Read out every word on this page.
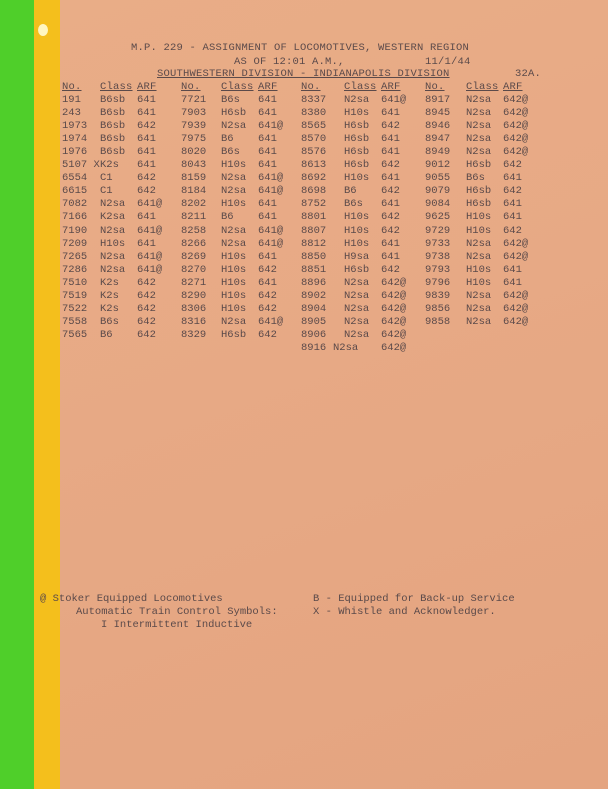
M.P. 229 - ASSIGNMENT OF LOCOMOTIVES, WESTERN REGION
AS OF 12:01 A.M.,	11/1/44
SOUTHWESTERN DIVISION - INDIANAPOLIS DIVISION	32A.
No. Class ARF No. Class ARF No. Class ARF No. Class ARF
191 B6sb 641 7721 B6s 641 8337 N2sa 641@ 8917 N2sa 642@
243 B6sb 641 7903 H6sb 641 8380 H10s 641 8945 N2sa 642@
1973 B6sb 642 7939 N2sa 641@ 8565 H6sb 642 8946 N2sa 642@
1974 B6sb 641 7975 B6 641 8570 H6sb 641 8947 N2sa 642@
1976 B6sb 641 8020 B6s 641 8576 H6sb 641 8949 N2sa 642@
5107 X K2s 641 8043 H10s 641 8613 H6sb 642 9012 H6sb 642
6554 C1 642 8159 N2sa 641@ 8692 H10s 641 9055 B6s 641
6615 C1 642 8184 N2sa 641@ 8698 B6 642 9079 H6sb 642
7082 N2sa 641@ 8202 H10s 641 8752 B6s 641 9084 H6sb 641
7166 K2sa 641 8211 B6 641 8801 H10s 642 9625 H10s 641
7190 N2sa 641@ 8258 N2sa 641@ 8807 H10s 642 9729 H10s 642
7209 H10s 641 8266 N2sa 641@ 8812 H10s 641 9733 N2sa 642@
7265 N2sa 641@ 8269 H10s 641 8850 H9sa 641 9738 N2sa 642@
7286 N2sa 641@ 8270 H10s 642 8851 H6sb 642 9793 H10s 641
7510 K2s 642 8271 H10s 641 8896 N2sa 642@ 9796 H10s 641
7519 K2s 642 8290 H10s 642 8902 N2sa 642@ 9839 N2sa 642@
7522 K2s 642 8306 H10s 642 8904 N2sa 642@ 9856 N2sa 642@
7558 B6s 642 8316 N2sa 641@ 8905 N2sa 642@ 9858 N2sa 642@
7565 B6 642 8329 H6sb 642 8906 N2sa 642@
8916 N2sa 642@
@ Stoker Equipped Locomotives
Automatic Train Control Symbols:
I Intermittent Inductive
B - Equipped for Back-up Service
X - Whistle and Acknowledger.
